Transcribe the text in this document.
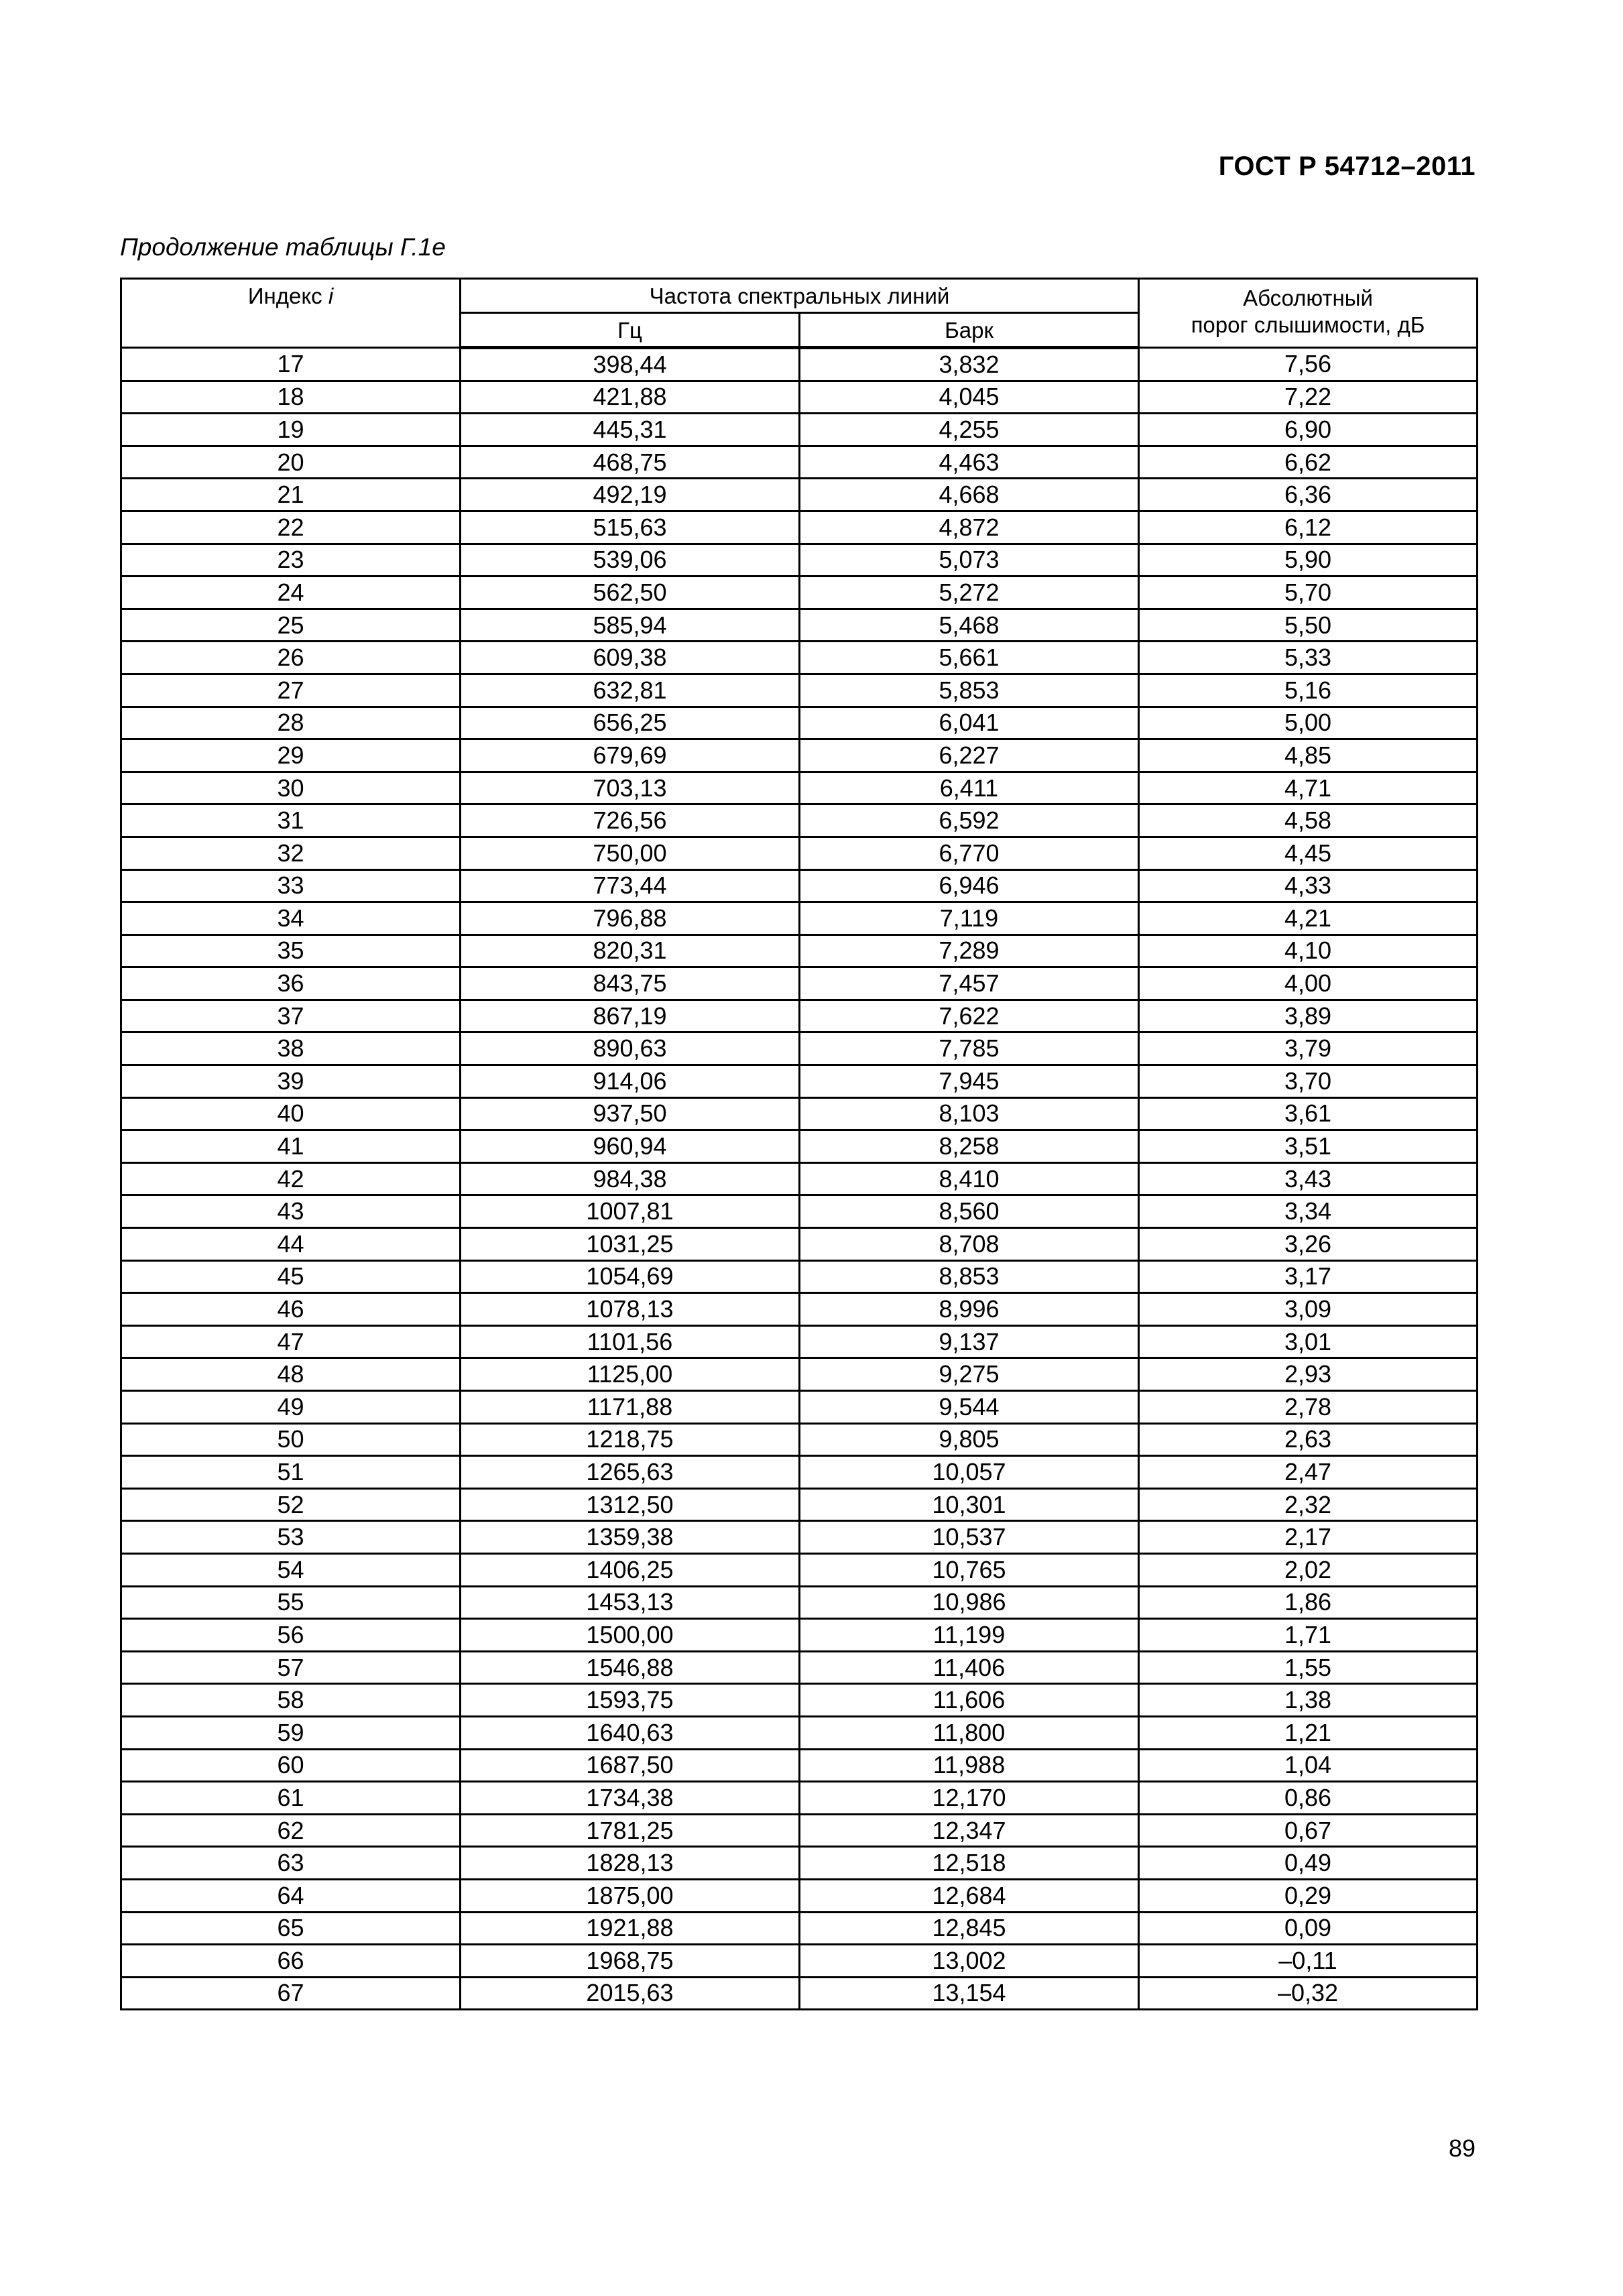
ГОСТ Р 54712–2011
Продолжение таблицы Г.1е
Индекс i	Частота спектральных линий		Абсолютный
порог слышимости, дБ
	Гц	Барк	
17	398,44	3,832	7,56
18	421,88	4,045	7,22
19	445,31	4,255	6,90
20	468,75	4,463	6,62
21	492,19	4,668	6,36
22	515,63	4,872	6,12
23	539,06	5,073	5,90
24	562,50	5,272	5,70
25	585,94	5,468	5,50
26	609,38	5,661	5,33
27	632,81	5,853	5,16
28	656,25	6,041	5,00
29	679,69	6,227	4,85
30	703,13	6,411	4,71
31	726,56	6,592	4,58
32	750,00	6,770	4,45
33	773,44	6,946	4,33
34	796,88	7,119	4,21
35	820,31	7,289	4,10
36	843,75	7,457	4,00
37	867,19	7,622	3,89
38	890,63	7,785	3,79
39	914,06	7,945	3,70
40	937,50	8,103	3,61
41	960,94	8,258	3,51
42	984,38	8,410	3,43
43	1007,81	8,560	3,34
44	1031,25	8,708	3,26
45	1054,69	8,853	3,17
46	1078,13	8,996	3,09
47	1101,56	9,137	3,01
48	1125,00	9,275	2,93
49	1171,88	9,544	2,78
50	1218,75	9,805	2,63
51	1265,63	10,057	2,47
52	1312,50	10,301	2,32
53	1359,38	10,537	2,17
54	1406,25	10,765	2,02
55	1453,13	10,986	1,86
56	1500,00	11,199	1,71
57	1546,88	11,406	1,55
58	1593,75	11,606	1,38
59	1640,63	11,800	1,21
60	1687,50	11,988	1,04
61	1734,38	12,170	0,86
62	1781,25	12,347	0,67
63	1828,13	12,518	0,49
64	1875,00	12,684	0,29
65	1921,88	12,845	0,09
66	1968,75	13,002	–0,11
67	2015,63	13,154	–0,32
89
